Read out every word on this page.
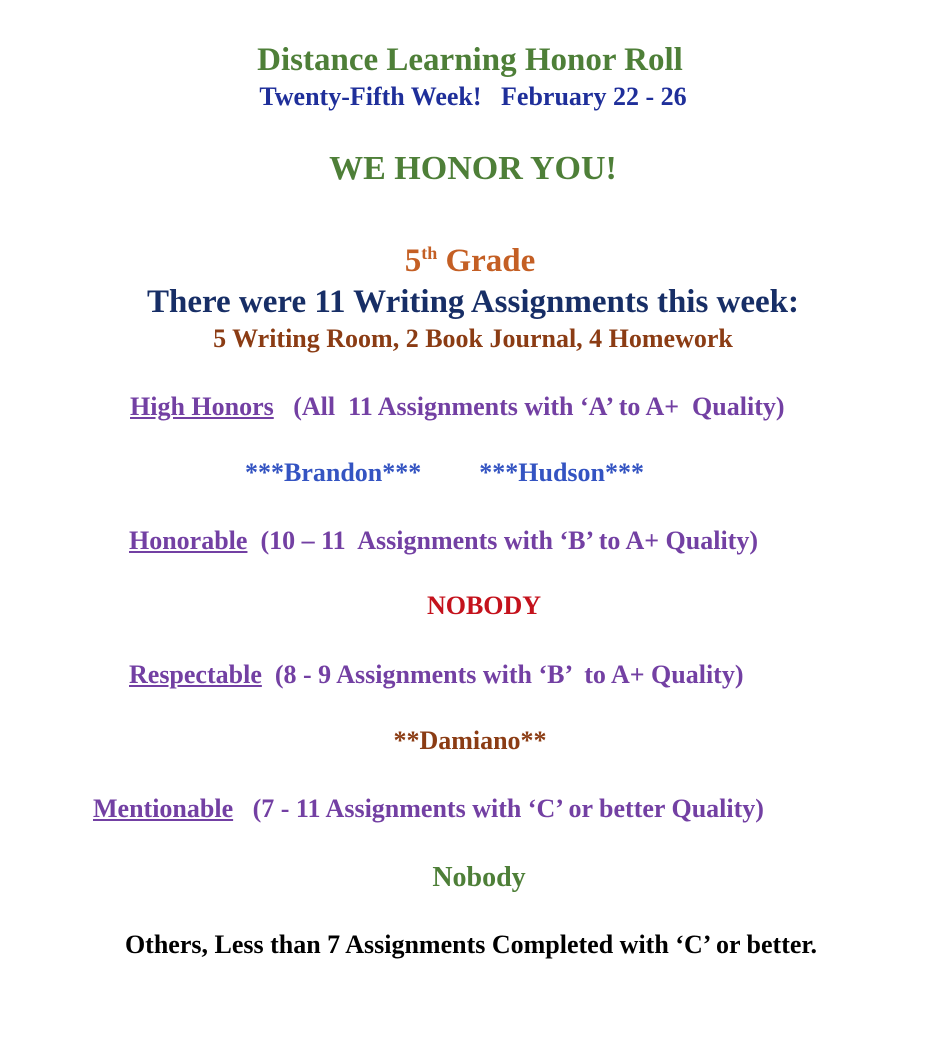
Distance Learning Honor Roll
Twenty-Fifth Week!   February 22 - 26
WE HONOR YOU!
5th Grade
There were 11 Writing Assignments this week:
5 Writing Room, 2 Book Journal, 4 Homework
High Honors (All  11 Assignments with ‘A’ to A+  Quality)
***Brandon*** ***Hudson***
Honorable (10 – 11  Assignments with ‘B’ to A+ Quality)
NOBODY
Respectable (8 - 9 Assignments with ‘B’  to A+ Quality)
**Damiano**
Mentionable (7 - 11 Assignments with ‘C’ or better Quality)
Nobody
Others, Less than 7 Assignments Completed with ‘C’ or better.
